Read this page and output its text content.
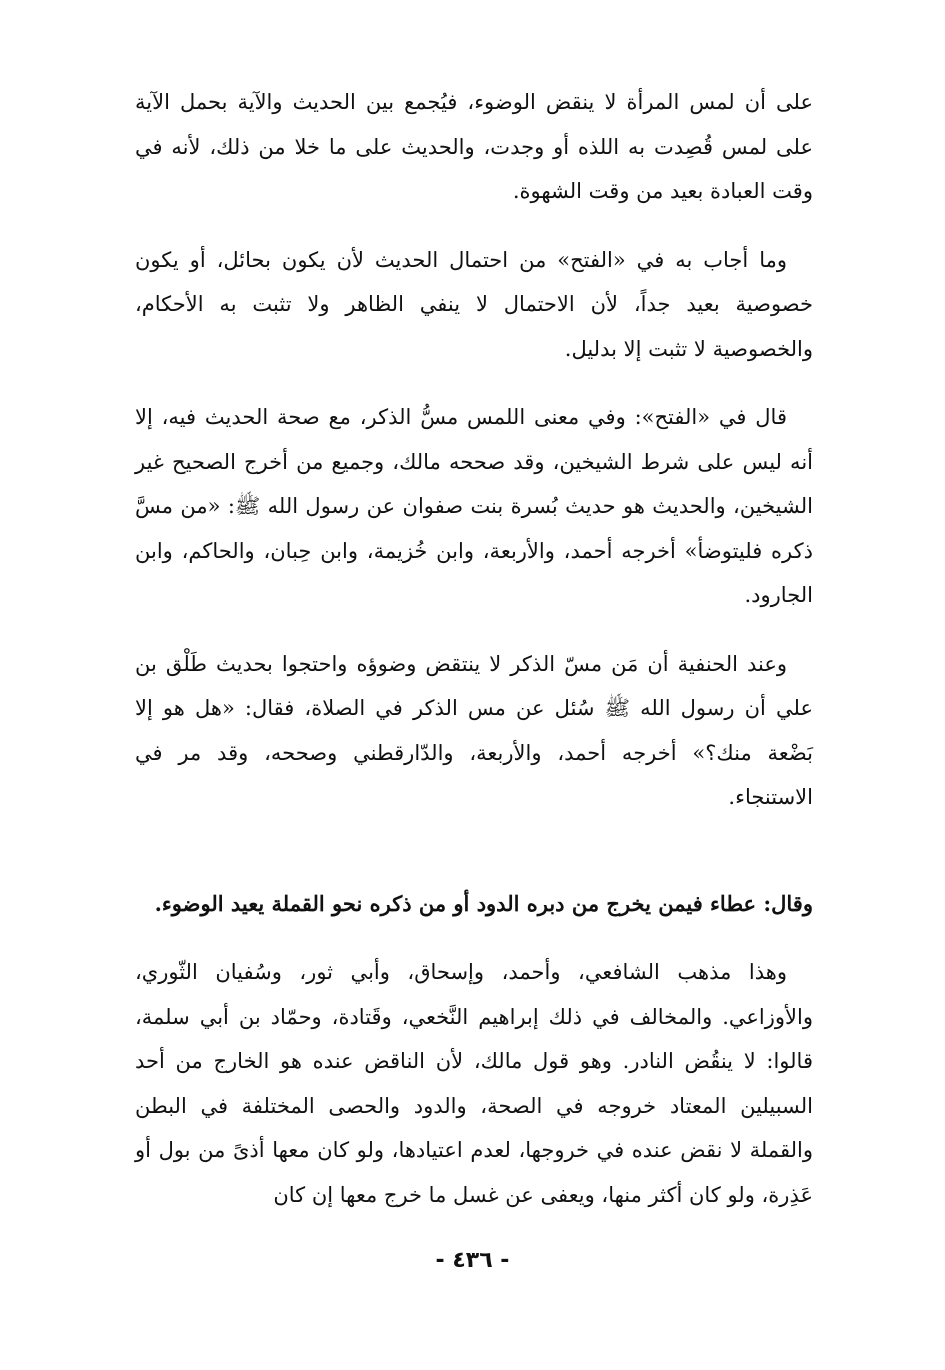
على أن لمس المرأة لا ينقض الوضوء، فيُجمع بين الحديث والآية بحمل الآية على لمس قُصِدت به اللذه أو وجدت، والحديث على ما خلا من ذلك، لأنه في وقت العبادة بعيد من وقت الشهوة.

وما أجاب به في «الفتح» من احتمال الحديث لأن يكون بحائل، أو يكون خصوصية بعيد جداً، لأن الاحتمال لا ينفي الظاهر ولا تثبت به الأحكام، والخصوصية لا تثبت إلا بدليل.

قال في «الفتح»: وفي معنى اللمس مسُّ الذكر، مع صحة الحديث فيه، إلا أنه ليس على شرط الشيخين، وقد صححه مالك، وجميع من أخرج الصحيح غير الشيخين، والحديث هو حديث بُسرة بنت صفوان عن رسول الله ﷺ: «من مسَّ ذكره فليتوضأ» أخرجه أحمد، والأربعة، وابن خُزيمة، وابن حِبان، والحاكم، وابن الجارود.

وعند الحنفية أن مَن مسّ الذكر لا ينتقض وضوؤه واحتجوا بحديث طَلْق بن علي أن رسول الله ﷺ سُئل عن مس الذكر في الصلاة، فقال: «هل هو إلا بَضْعة منك؟» أخرجه أحمد، والأربعة، والدّارقطني وصححه، وقد مر في الاستنجاء.

وقال: عطاء فيمن يخرج من دبره الدود أو من ذكره نحو القملة يعيد الوضوء.

وهذا مذهب الشافعي، وأحمد، وإسحاق، وأبي ثور، وسُفيان الثّوري، والأوزاعي. والمخالف في ذلك إبراهيم النَّخعي، وقَتادة، وحمّاد بن أبي سلمة، قالوا: لا ينقُض النادر. وهو قول مالك، لأن الناقض عنده هو الخارج من أحد السبيلين المعتاد خروجه في الصحة، والدود والحصى المختلفة في البطن والقملة لا نقض عنده في خروجها، لعدم اعتيادها، ولو كان معها أذىً من بول أو عَذِرة، ولو كان أكثر منها، ويعفى عن غسل ما خرج معها إن كان

- ٤٣٦ -
